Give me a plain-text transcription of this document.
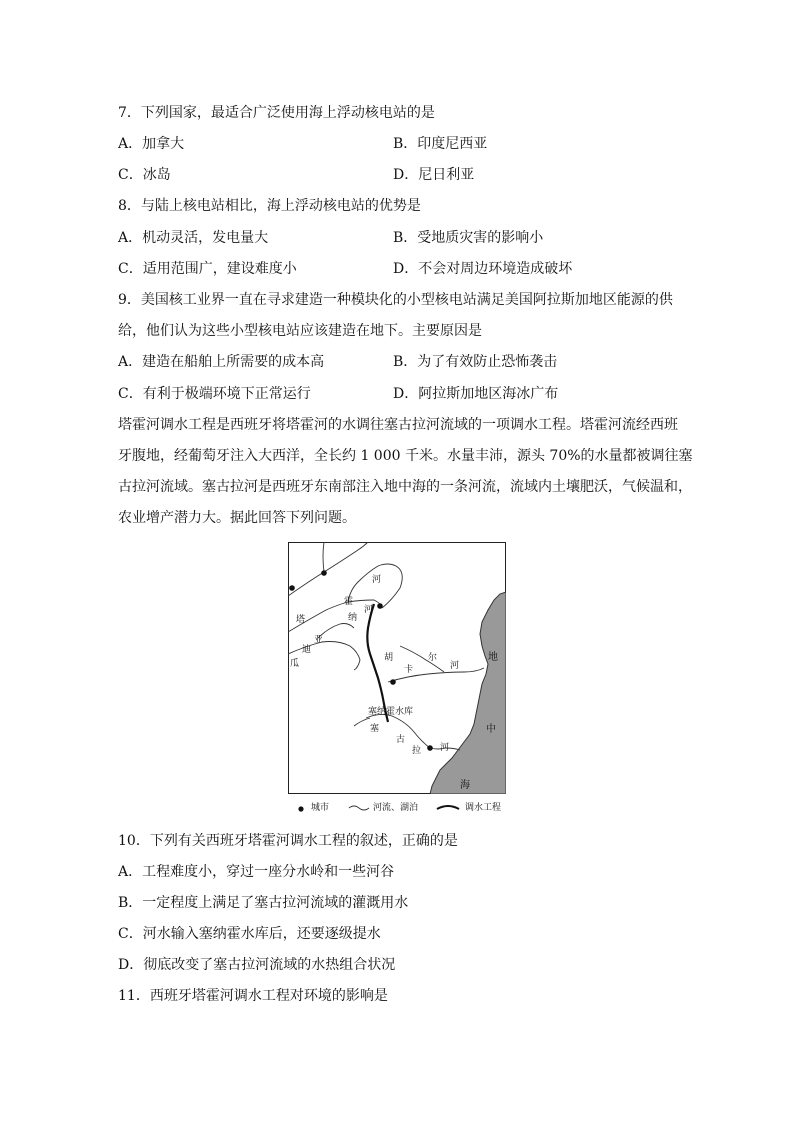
7．下列国家，最适合广泛使用海上浮动核电站的是
A．加拿大	B．印度尼西亚
C．冰岛	D．尼日利亚
8．与陆上核电站相比，海上浮动核电站的优势是
A．机动灵活，发电量大	B．受地质灾害的影响小
C．适用范围广，建设难度小	D．不会对周边环境造成破坏
9．美国核工业界一直在寻求建造一种模块化的小型核电站满足美国阿拉斯加地区能源的供
给，他们认为这些小型核电站应该建造在地下。主要原因是
A．建造在船舶上所需要的成本高	B．为了有效防止恐怖袭击
C．有利于极端环境下正常运行	D．阿拉斯加地区海冰广布
塔霍河调水工程是西班牙将塔霍河的水调往塞古拉河流域的一项调水工程。塔霍河流经西班
牙腹地，经葡萄牙注入大西洋，全长约 1 000 千米。水量丰沛，源头 70%的水量都被调往塞
古拉河流域。塞古拉河是西班牙东南部注入地中海的一条河流，流域内土壤肥沃，气候温和，
农业增产潜力大。据此回答下列问题。
河
霍
河
塔	纳
亚
迪
瓜
胡
卡
尔
河
塞纳霍水库
塞
古
拉 河
地
中
海
城市	河流、湖泊	调水工程
10．下列有关西班牙塔霍河调水工程的叙述，正确的是
A．工程难度小，穿过一座分水岭和一些河谷
B．一定程度上满足了塞古拉河流域的灌溉用水
C．河水输入塞纳霍水库后，还要逐级提水
D．彻底改变了塞古拉河流域的水热组合状况
11．西班牙塔霍河调水工程对环境的影响是
